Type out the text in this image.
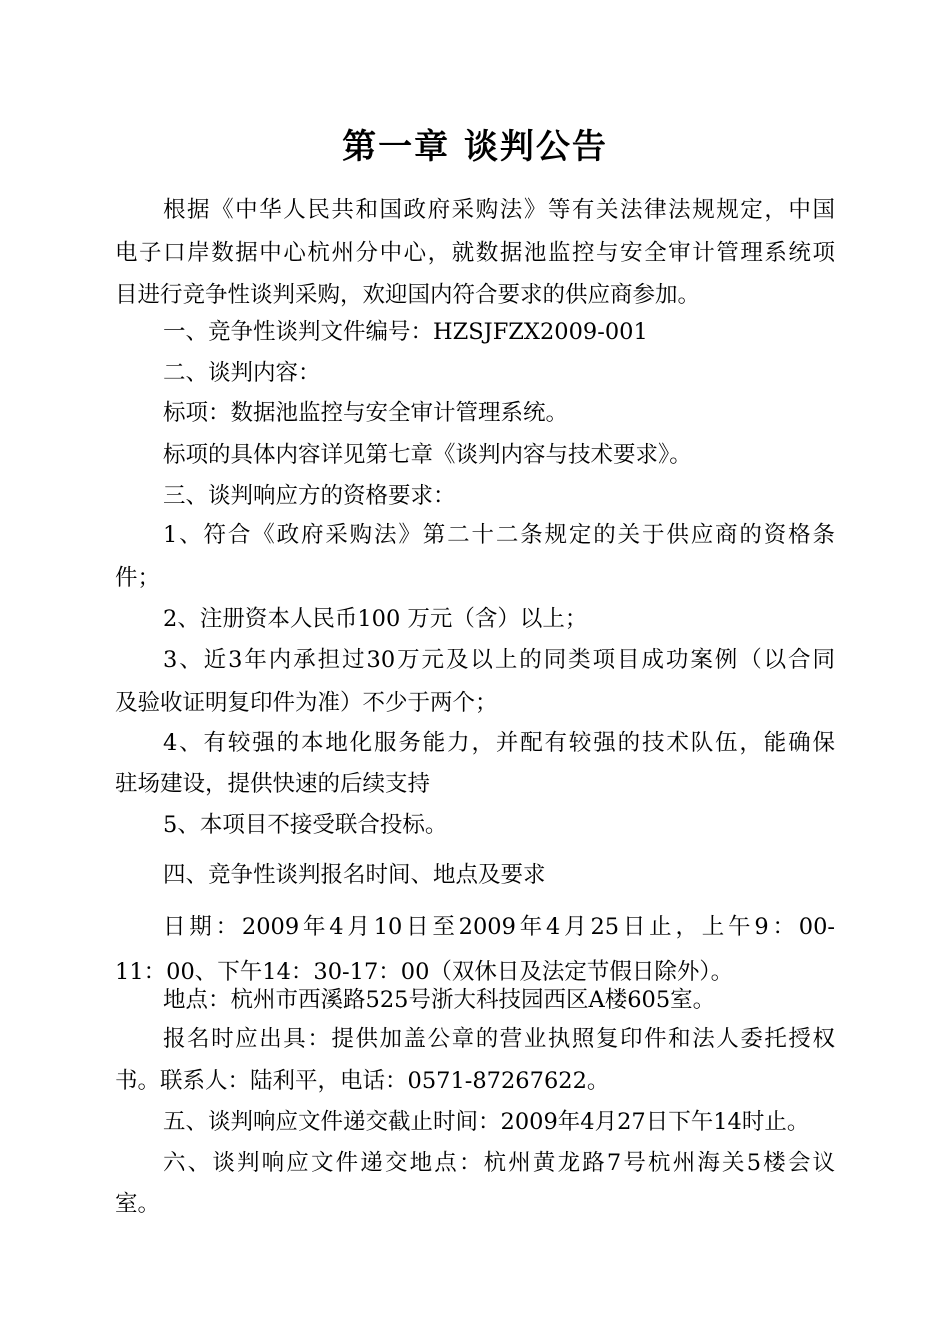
第一章 谈判公告
根据《中华人民共和国政府采购法》等有关法律法规规定，中国
电子口岸数据中心杭州分中心，就数据池监控与安全审计管理系统项
目进行竞争性谈判采购，欢迎国内符合要求的供应商参加。
一、竞争性谈判文件编号：HZSJFZX2009-001
二、谈判内容：
标项：数据池监控与安全审计管理系统。
标项的具体内容详见第七章《谈判内容与技术要求》。
三、谈判响应方的资格要求：
1、符合《政府采购法》第二十二条规定的关于供应商的资格条
件；
2、注册资本人民币100 万元（含）以上；
3、近3年内承担过30万元及以上的同类项目成功案例（以合同
及验收证明复印件为准）不少于两个；
4、有较强的本地化服务能力，并配有较强的技术队伍，能确保
驻场建设，提供快速的后续支持
5、本项目不接受联合投标。
四、竞争性谈判报名时间、地点及要求
日期：2009年4月10日至2009年4月25日止，上午9：00-
11：00、下午14：30-17：00（双休日及法定节假日除外）。
地点：杭州市西溪路525号浙大科技园西区A楼605室。
报名时应出具：提供加盖公章的营业执照复印件和法人委托授权
书。联系人：陆利平，电话：0571-87267622。
五、谈判响应文件递交截止时间：2009年4月27日下午14时止。
六、谈判响应文件递交地点：杭州黄龙路7号杭州海关5楼会议
室。
